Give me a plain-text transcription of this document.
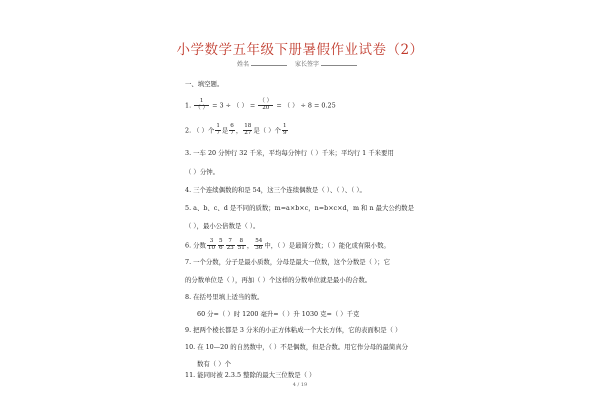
小学数学五年级下册暑假作业试卷（2）
姓名	家长签字
一、填空题。
1. $\frac{1}{( )} = 3$ ÷ （ ） = $\frac{( )}{20}$ = （ ） ÷ 8 = 0.25
2. （ ）个 $\frac{1}{7}$ 是 $\frac{6}{7}$ ， $\frac{18}{27}$ 是（ ）个 $\frac{1}{9}$
3. 一车 20 分钟行 32 千米，平均每分钟行（ ）千米；平均行 1 千米要用
（ ）分钟。
4. 三个连续偶数的和是 54，这三个连续偶数是（ ）、（ ）、（ ）。
5. a、b、c、d 是不同的质数；m=a×b×c，n=b×c×d，m 和 n 最大公约数是
（ ），最小公倍数是（ ）。
6. 分数 $\frac{3}{10} \frac{5}{6} \frac{7}{23} \frac{8}{51}$ ， $\frac{54}{36}$ 中，（ ）是最简分数；（ ）能化成有限小数。
7. 一个分数，分子是最小质数，分母是最大一位数，这个分数是（ ）；它
的分数单位是（ ），再加（ ）个这样的分数单位就是最小的合数。
8. 在括号里填上适当的数。
60 分=（ ）时 1200 毫升=（ ）升 1030 克=（ ）千克
9. 把两个棱长都是 3 分米的小正方体粘成一个大长方体，它的表面积是（ ）
10. 在 10—20 的自然数中，（ ）不是偶数，但是合数。用它作分母的最简真分
数有（ ）个
11. 能同时被 2.3.5 整除的最大三位数是（ ）
4 / 19
